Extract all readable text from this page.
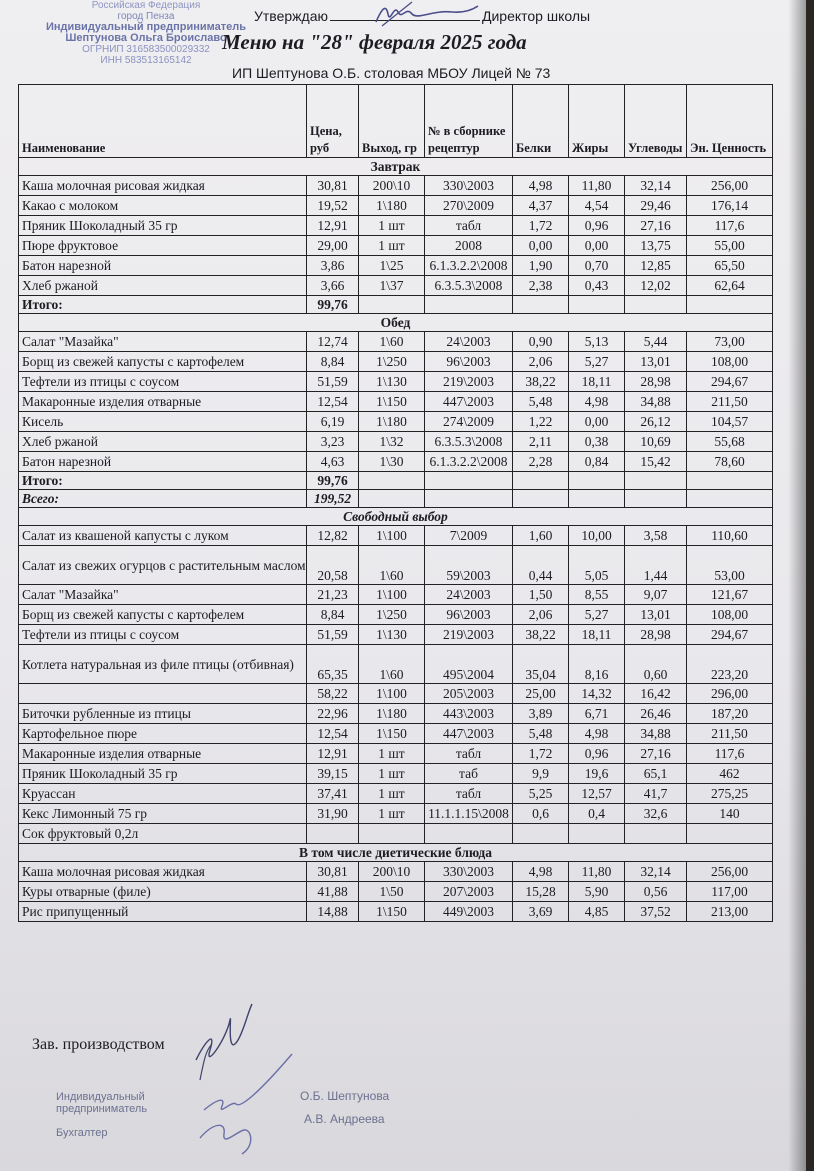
Российская Федерация
город Пенза
Индивидуальный предприниматель
Шептунова Ольга Броиславо
ОГРНИП 316583500029332
ИНН 583513165142
Утверждаю	Директор школы
Меню на "28" февраля 2025 года
ИП Шептунова О.Б. столовая МБОУ Лицей № 73
Наименование	Цена, руб	Выход, гр	№ в сборнике рецептур	Белки	Жиры	Углеводы	Эн. Ценность
Завтрак							
Каша молочная рисовая жидкая	30,81	200\10	330\2003	4,98	11,80	32,14	256,00
Какао с молоком	19,52	1\180	270\2009	4,37	4,54	29,46	176,14
Пряник Шоколадный 35 гр	12,91	1 шт	табл	1,72	0,96	27,16	117,6
Пюре фруктовое	29,00	1 шт	2008	0,00	0,00	13,75	55,00
Батон нарезной	3,86	1\25	6.1.3.2.2\2008	1,90	0,70	12,85	65,50
Хлеб ржаной	3,66	1\37	6.3.5.3\2008	2,38	0,43	12,02	62,64
Итого:	99,76						
Обед							
Салат "Мазайка"	12,74	1\60	24\2003	0,90	5,13	5,44	73,00
Борщ из свежей капусты с картофелем	8,84	1\250	96\2003	2,06	5,27	13,01	108,00
Тефтели из птицы с соусом	51,59	1\130	219\2003	38,22	18,11	28,98	294,67
Макаронные изделия отварные	12,54	1\150	447\2003	5,48	4,98	34,88	211,50
Кисель	6,19	1\180	274\2009	1,22	0,00	26,12	104,57
Хлеб ржаной	3,23	1\32	6.3.5.3\2008	2,11	0,38	10,69	55,68
Батон нарезной	4,63	1\30	6.1.3.2.2\2008	2,28	0,84	15,42	78,60
Итого:	99,76						
Всего:	199,52						
Свободный выбор							
Салат из квашеной капусты с луком	12,82	1\100	7\2009	1,60	10,00	3,58	110,60
Салат из свежих огурцов с растительным маслом	20,58	1\60	59\2003	0,44	5,05	1,44	53,00
Салат "Мазайка"	21,23	1\100	24\2003	1,50	8,55	9,07	121,67
Борщ из свежей капусты с картофелем	8,84	1\250	96\2003	2,06	5,27	13,01	108,00
Тефтели из птицы с соусом	51,59	1\130	219\2003	38,22	18,11	28,98	294,67
Котлета натуральная из филе птицы (отбивная)	65,35	1\60	495\2004	35,04	8,16	0,60	223,20
	58,22	1\100	205\2003	25,00	14,32	16,42	296,00
Биточки рубленные из птицы	22,96	1\180	443\2003	3,89	6,71	26,46	187,20
Картофельное пюре	12,54	1\150	447\2003	5,48	4,98	34,88	211,50
Макаронные изделия отварные	12,91	1 шт	табл	1,72	0,96	27,16	117,6
Пряник Шоколадный 35 гр	39,15	1 шт	таб	9,9	19,6	65,1	462
Круассан	37,41	1 шт	табл	5,25	12,57	41,7	275,25
Кекс Лимонный 75 гр	31,90	1 шт	11.1.1.15\2008	0,6	0,4	32,6	140
Сок фруктовый 0,2л							
В том числе диетические блюда							
Каша молочная рисовая жидкая	30,81	200\10	330\2003	4,98	11,80	32,14	256,00
Куры отварные (филе)	41,88	1\50	207\2003	15,28	5,90	0,56	117,00
Рис припущенный	14,88	1\150	449\2003	3,69	4,85	37,52	213,00
Зав. производством
Индивидуальный
предприниматель
Бухгалтер
О.Б. Шептунова
А.В. Андреева
